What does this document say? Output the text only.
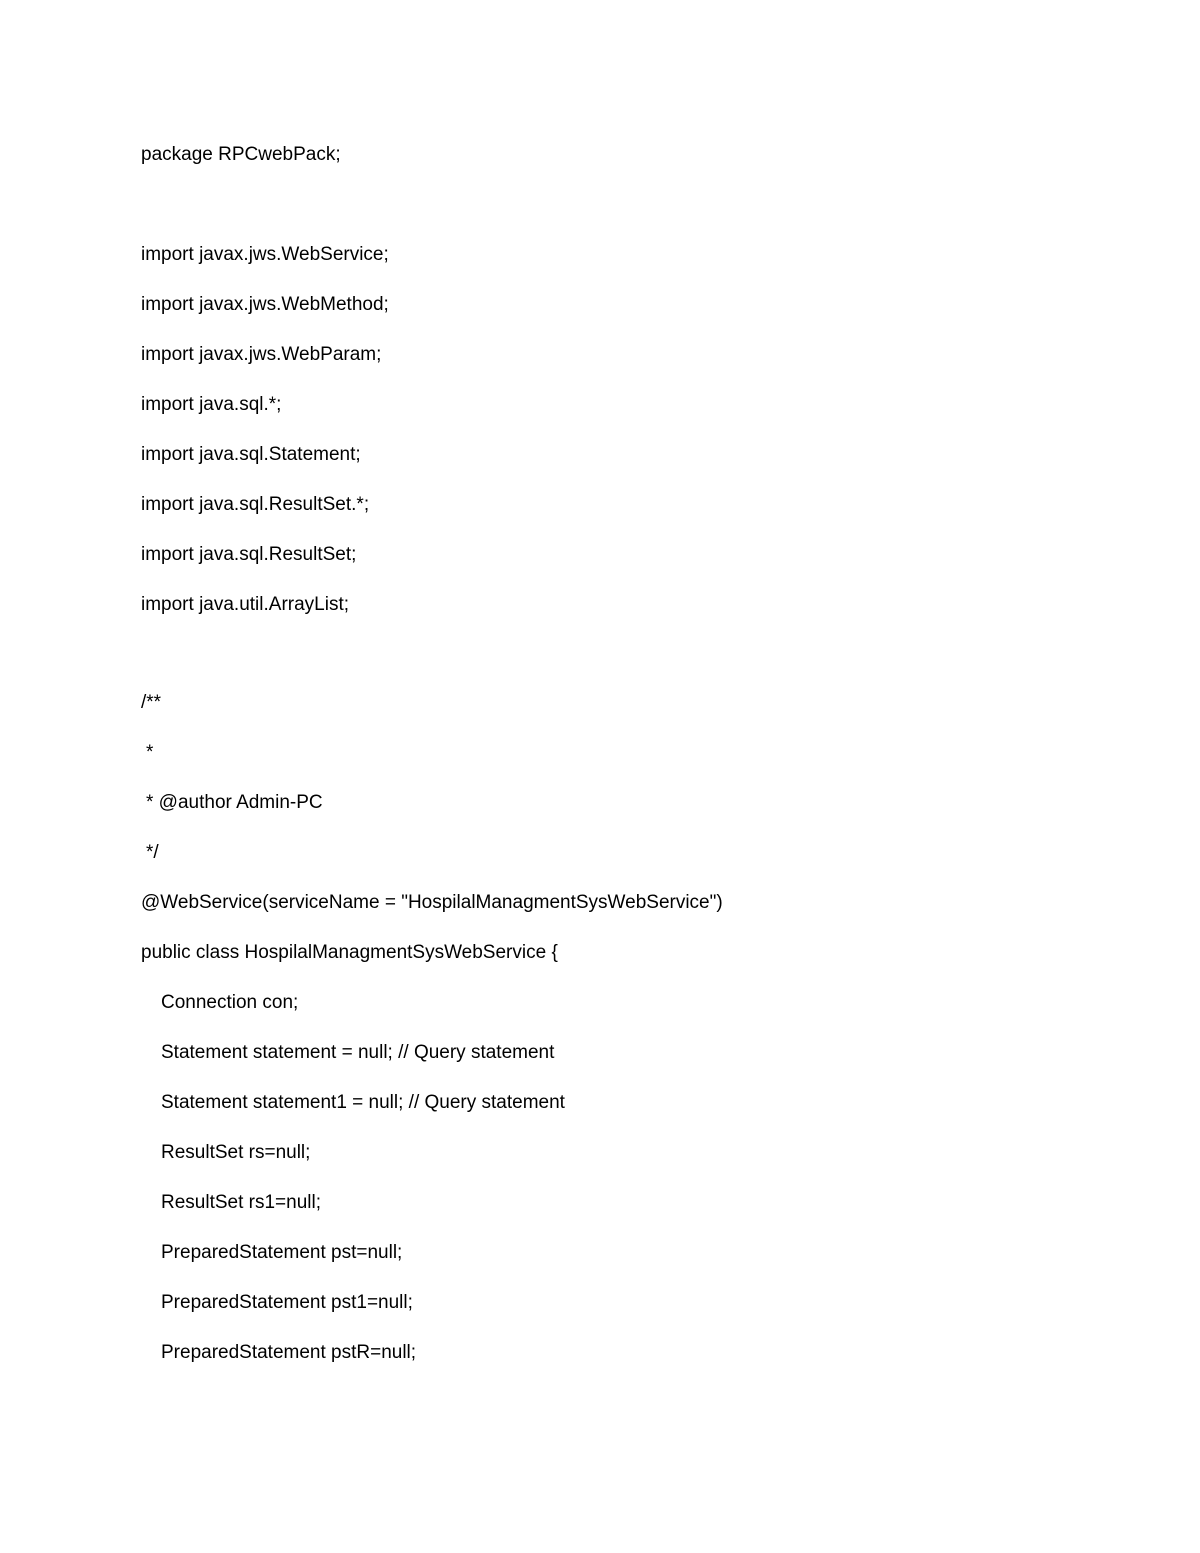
package RPCwebPack;
import javax.jws.WebService;
import javax.jws.WebMethod;
import javax.jws.WebParam;
import java.sql.*;
import java.sql.Statement;
import java.sql.ResultSet.*;
import java.sql.ResultSet;
import java.util.ArrayList;
/**
*
* @author Admin-PC
*/
@WebService(serviceName = "HospilalManagmentSysWebService")
public class HospilalManagmentSysWebService {
Connection con;
Statement statement = null; // Query statement
Statement statement1 = null; // Query statement
ResultSet rs=null;
ResultSet rs1=null;
PreparedStatement pst=null;
PreparedStatement pst1=null;
PreparedStatement pstR=null;
